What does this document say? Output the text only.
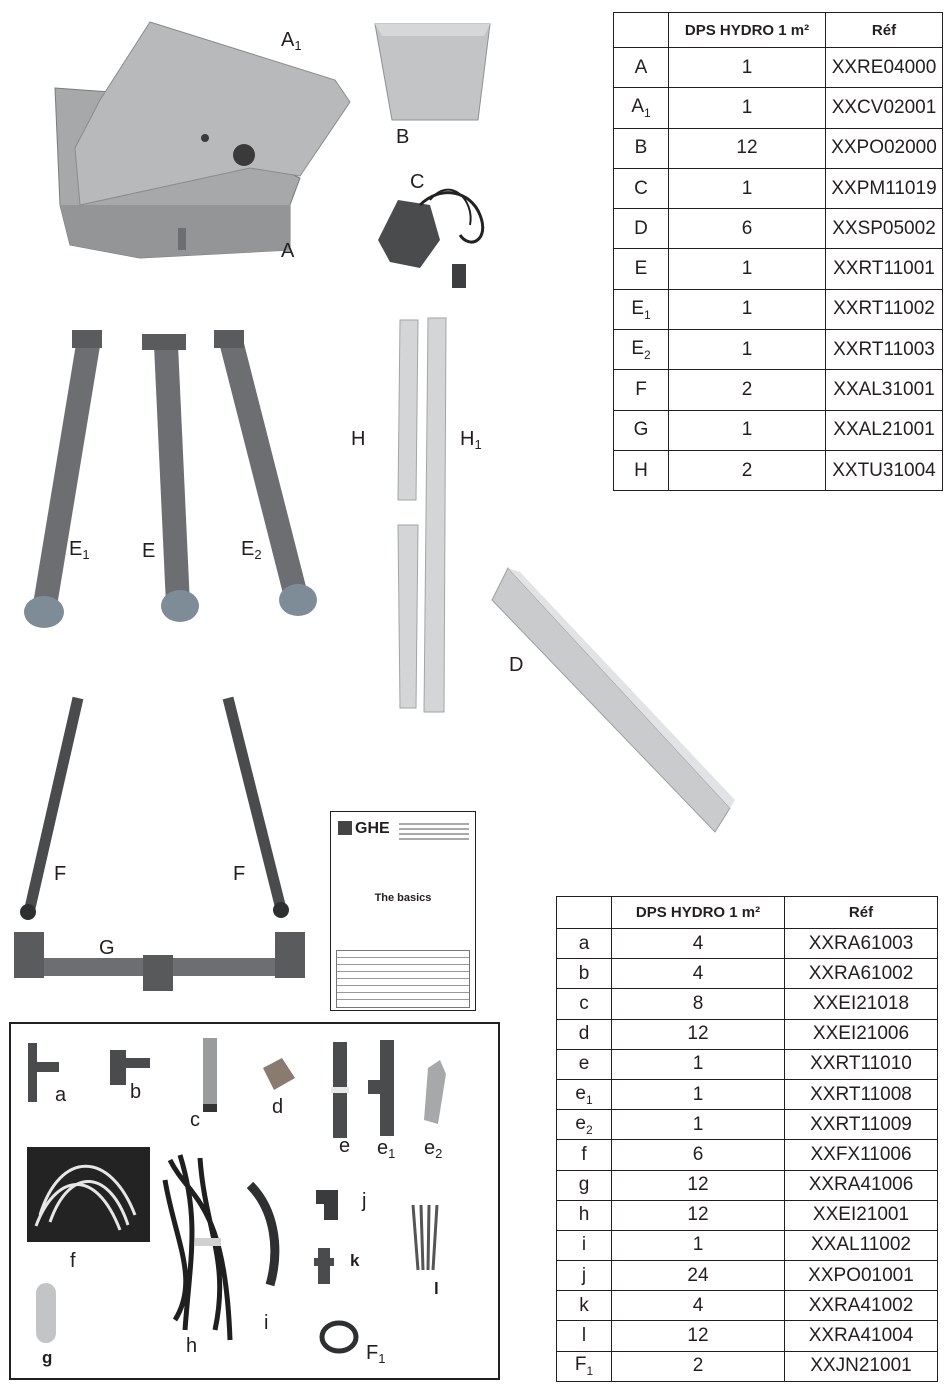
$A_1$
A
B
C
D
$E_1$	E	$E_2$
H	$H_1$
F	F
G
GHE
The basics
a	b
c
d
e $e_1$ $e_2$
f
g
h
i
j
k
l
$F_1$
	DPS HYDRO 1 m²	Réf
A	1	XXRE04000
$A_1$	1	XXCV02001
B	12	XXPO02000
C	1	XXPM11019
D	6	XXSP05002
E	1	XXRT11001
$E_1$	1	XXRT11002
$E_2$	1	XXRT11003
F	2	XXAL31001
G	1	XXAL21001
H	2	XXTU31004
	DPS HYDRO 1 m²	Réf
a	4	XXRA61003
b	4	XXRA61002
c	8	XXEI21018
d	12	XXEI21006
e	1	XXRT11010
$e_1$	1	XXRT11008
$e_2$	1	XXRT11009
f	6	XXFX11006
g	12	XXRA41006
h	12	XXEI21001
i	1	XXAL11002
j	24	XXPO01001
k	4	XXRA41002
l	12	XXRA41004
$F_1$	2	XXJN21001
